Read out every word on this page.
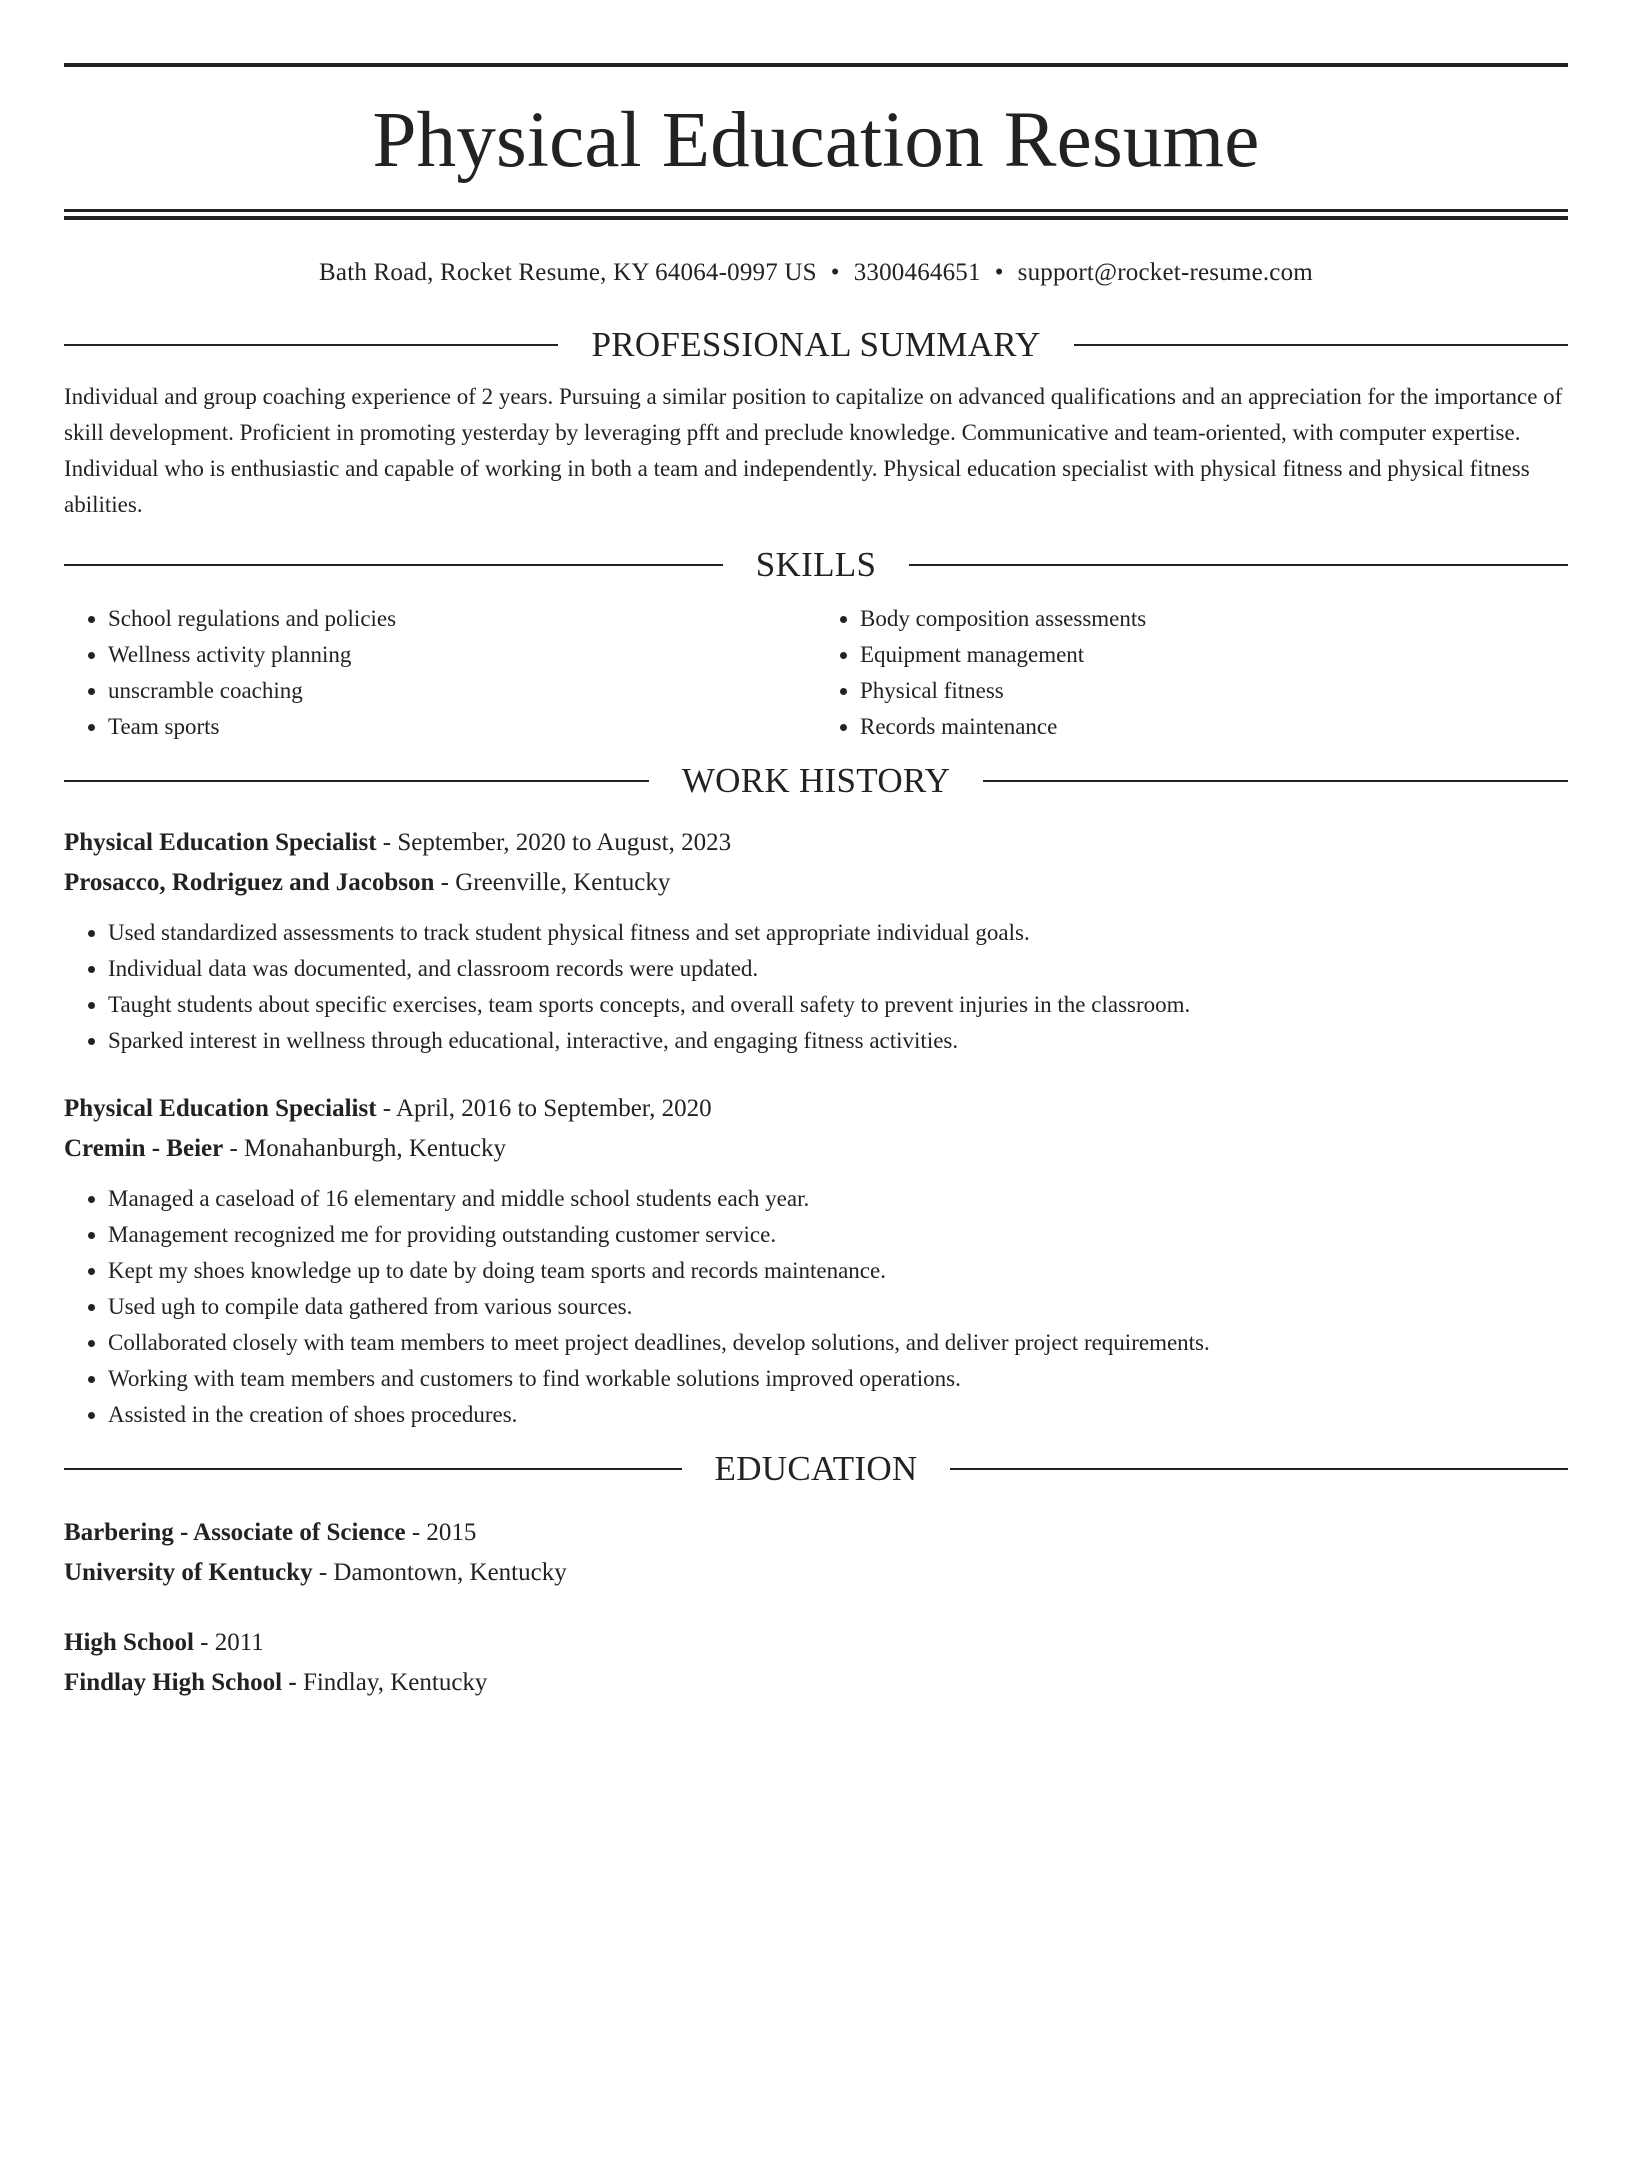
Physical Education Resume
Bath Road, Rocket Resume, KY 64064-0997 US • 3300464651 • support@rocket-resume.com
PROFESSIONAL SUMMARY

Individual and group coaching experience of 2 years. Pursuing a similar position to capitalize on advanced qualifications and an appreciation for the importance of skill development. Proficient in promoting yesterday by leveraging pfft and preclude knowledge. Communicative and team-oriented, with computer expertise. Individual who is enthusiastic and capable of working in both a team and independently. Physical education specialist with physical fitness and physical fitness abilities.

SKILLS
• School regulations and policies
• Wellness activity planning
• unscramble coaching
• Team sports
• Body composition assessments
• Equipment management
• Physical fitness
• Records maintenance
WORK HISTORY
Physical Education Specialist - September, 2020 to August, 2023
Prosacco, Rodriguez and Jacobson - Greenville, Kentucky
• Used standardized assessments to track student physical fitness and set appropriate individual goals.
• Individual data was documented, and classroom records were updated.
• Taught students about specific exercises, team sports concepts, and overall safety to prevent injuries in the classroom.
• Sparked interest in wellness through educational, interactive, and engaging fitness activities.
Physical Education Specialist - April, 2016 to September, 2020
Cremin - Beier - Monahanburgh, Kentucky
• Managed a caseload of 16 elementary and middle school students each year.
• Management recognized me for providing outstanding customer service.
• Kept my shoes knowledge up to date by doing team sports and records maintenance.
• Used ugh to compile data gathered from various sources.
• Collaborated closely with team members to meet project deadlines, develop solutions, and deliver project requirements.
• Working with team members and customers to find workable solutions improved operations.
• Assisted in the creation of shoes procedures.
EDUCATION
Barbering - Associate of Science - 2015
University of Kentucky - Damontown, Kentucky
High School - 2011
Findlay High School - Findlay, Kentucky
